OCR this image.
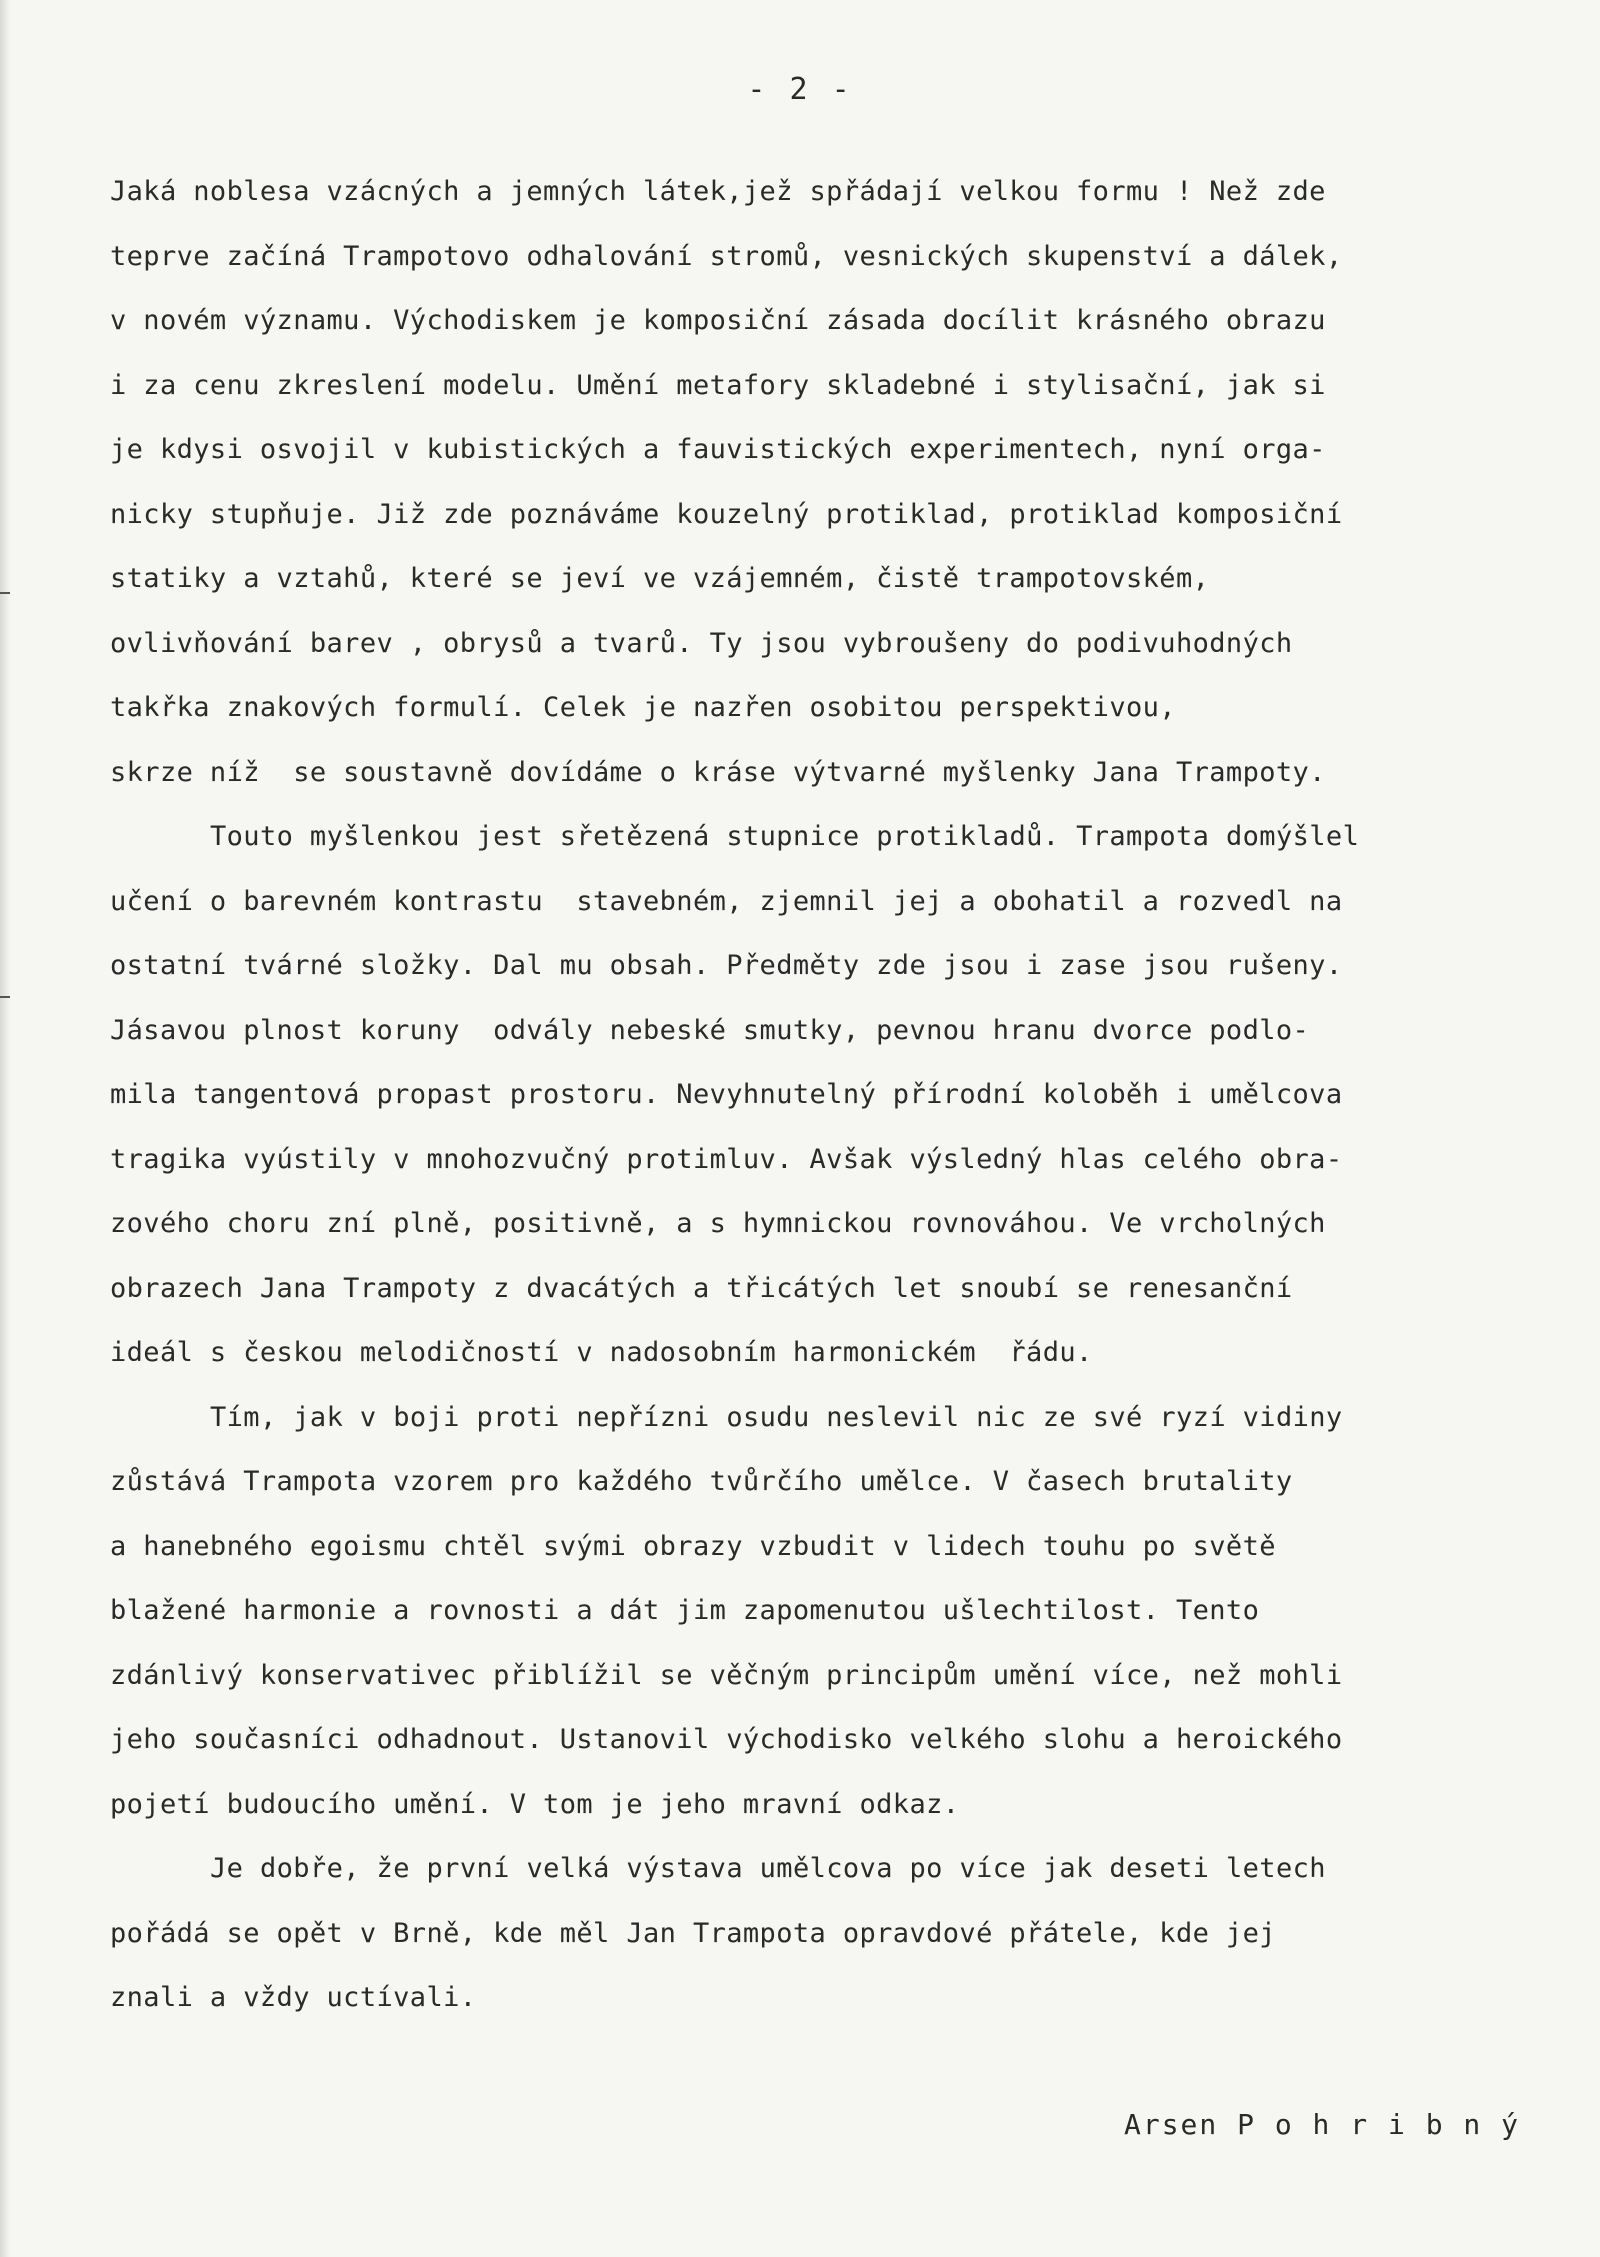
- 2 -
Jaká noblesa vzácných a jemných látek,jež spřádají velkou formu ! Než zde
teprve začíná Trampotovo odhalování stromů, vesnických skupenství a dálek,
v novém významu. Východiskem je komposiční zásada docílit krásného obrazu
i za cenu zkreslení modelu. Umění metafory skladebné i stylisační, jak si
je kdysi osvojil v kubistických a fauvistických experimentech, nyní orga-
nicky stupňuje. Již zde poznáváme kouzelný protiklad, protiklad komposiční
statiky a vztahů, které se jeví ve vzájemném, čistě trampotovském,
ovlivňování barev , obrysů a tvarů. Ty jsou vybroušeny do podivuhodných
takřka znakových formulí. Celek je nazřen osobitou perspektivou,
skrze níž  se soustavně dovídáme o kráse výtvarné myšlenky Jana Trampoty.
Touto myšlenkou jest sřetězená stupnice protikladů. Trampota domýšlel
učení o barevném kontrastu  stavebném, zjemnil jej a obohatil a rozvedl na
ostatní tvárné složky. Dal mu obsah. Předměty zde jsou i zase jsou rušeny.
Jásavou plnost koruny  odvály nebeské smutky, pevnou hranu dvorce podlo-
mila tangentová propast prostoru. Nevyhnutelný přírodní koloběh i umělcova
tragika vyústily v mnohozvučný protimluv. Avšak výsledný hlas celého obra-
zového choru zní plně, positivně, a s hymnickou rovnováhou. Ve vrcholných
obrazech Jana Trampoty z dvacátých a třicátých let snoubí se renesanční
ideál s českou melodičností v nadosobním harmonickém  řádu.
Tím, jak v boji proti nepřízni osudu neslevil nic ze své ryzí vidiny
zůstává Trampota vzorem pro každého tvůrčího umělce. V časech brutality
a hanebného egoismu chtěl svými obrazy vzbudit v lidech touhu po světě
blažené harmonie a rovnosti a dát jim zapomenutou ušlechtilost. Tento
zdánlivý konservativec přiblížil se věčným principům umění více, než mohli
jeho současníci odhadnout. Ustanovil východisko velkého slohu a heroického
pojetí budoucího umění. V tom je jeho mravní odkaz.
Je dobře, že první velká výstava umělcova po více jak deseti letech
pořádá se opět v Brně, kde měl Jan Trampota opravdové přátele, kde jej
znali a vždy uctívali.
Arsen P o h r i b n ý
